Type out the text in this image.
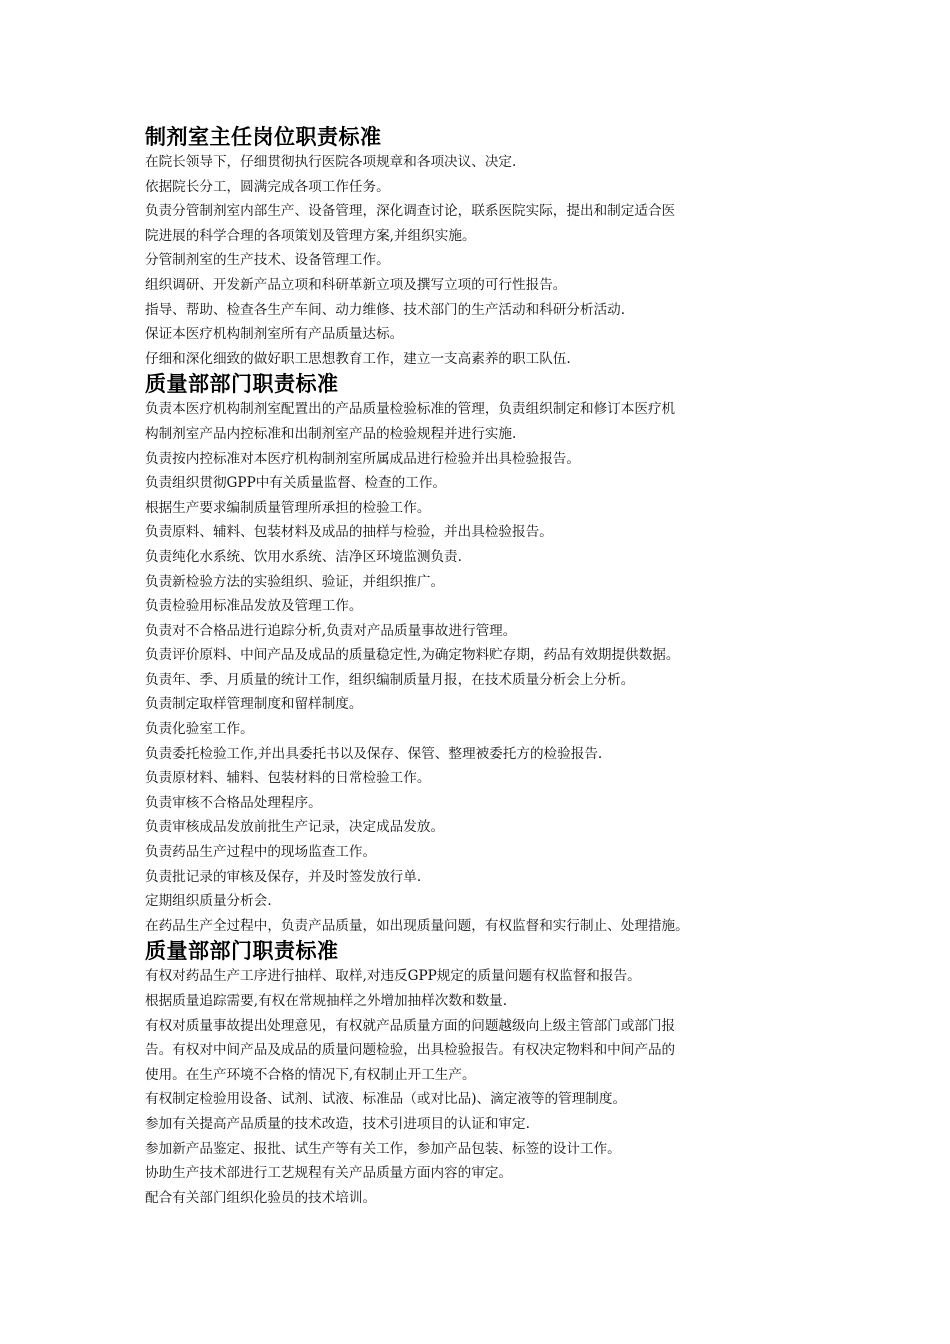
制剂室主任岗位职责标准

在院长领导下，仔细贯彻执行医院各项规章和各项决议、决定.

依据院长分工，圆满完成各项工作任务。

负责分管制剂室内部生产、设备管理，深化调查讨论，联系医院实际，提出和制定适合医
院进展的科学合理的各项策划及管理方案,并组织实施。

分管制剂室的生产技术、设备管理工作。

组织调研、开发新产品立项和科研革新立项及撰写立项的可行性报告。

指导、帮助、检查各生产车间、动力维修、技术部门的生产活动和科研分析活动.

保证本医疗机构制剂室所有产品质量达标。

仔细和深化细致的做好职工思想教育工作，建立一支高素养的职工队伍.

质量部部门职责标准

负责本医疗机构制剂室配置出的产品质量检验标准的管理，负责组织制定和修订本医疗机
构制剂室产品内控标准和出制剂室产品的检验规程并进行实施.

负责按内控标准对本医疗机构制剂室所属成品进行检验并出具检验报告。

负责组织贯彻GPP中有关质量监督、检查的工作。

根据生产要求编制质量管理所承担的检验工作。

负责原料、辅料、包装材料及成品的抽样与检验，并出具检验报告。

负责纯化水系统、饮用水系统、洁净区环境监测负责.

负责新检验方法的实验组织、验证，并组织推广。

负责检验用标准品发放及管理工作。

负责对不合格品进行追踪分析,负责对产品质量事故进行管理。

负责评价原料、中间产品及成品的质量稳定性,为确定物料贮存期，药品有效期提供数据。

负责年、季、月质量的统计工作，组织编制质量月报，在技术质量分析会上分析。

负责制定取样管理制度和留样制度。

负责化验室工作。

负责委托检验工作,并出具委托书以及保存、保管、整理被委托方的检验报告.

负责原材料、辅料、包装材料的日常检验工作。

负责审核不合格品处理程序。

负责审核成品发放前批生产记录，决定成品发放。

负责药品生产过程中的现场监查工作。

负责批记录的审核及保存，并及时签发放行单.

定期组织质量分析会.

在药品生产全过程中，负责产品质量，如出现质量问题，有权监督和实行制止、处理措施。

质量部部门职责标准

有权对药品生产工序进行抽样、取样,对违反GPP规定的质量问题有权监督和报告。

根据质量追踪需要,有权在常规抽样之外增加抽样次数和数量.

有权对质量事故提出处理意见，有权就产品质量方面的问题越级向上级主管部门或部门报
告。有权对中间产品及成品的质量问题检验，出具检验报告。有权决定物料和中间产品的
使用。在生产环境不合格的情况下,有权制止开工生产。

有权制定检验用设备、试剂、试液、标准品（或对比品)、滴定液等的管理制度。

参加有关提高产品质量的技术改造，技术引进项目的认证和审定.

参加新产品鉴定、报批、试生产等有关工作，参加产品包装、标签的设计工作。

协助生产技术部进行工艺规程有关产品质量方面内容的审定。

配合有关部门组织化验员的技术培训。
